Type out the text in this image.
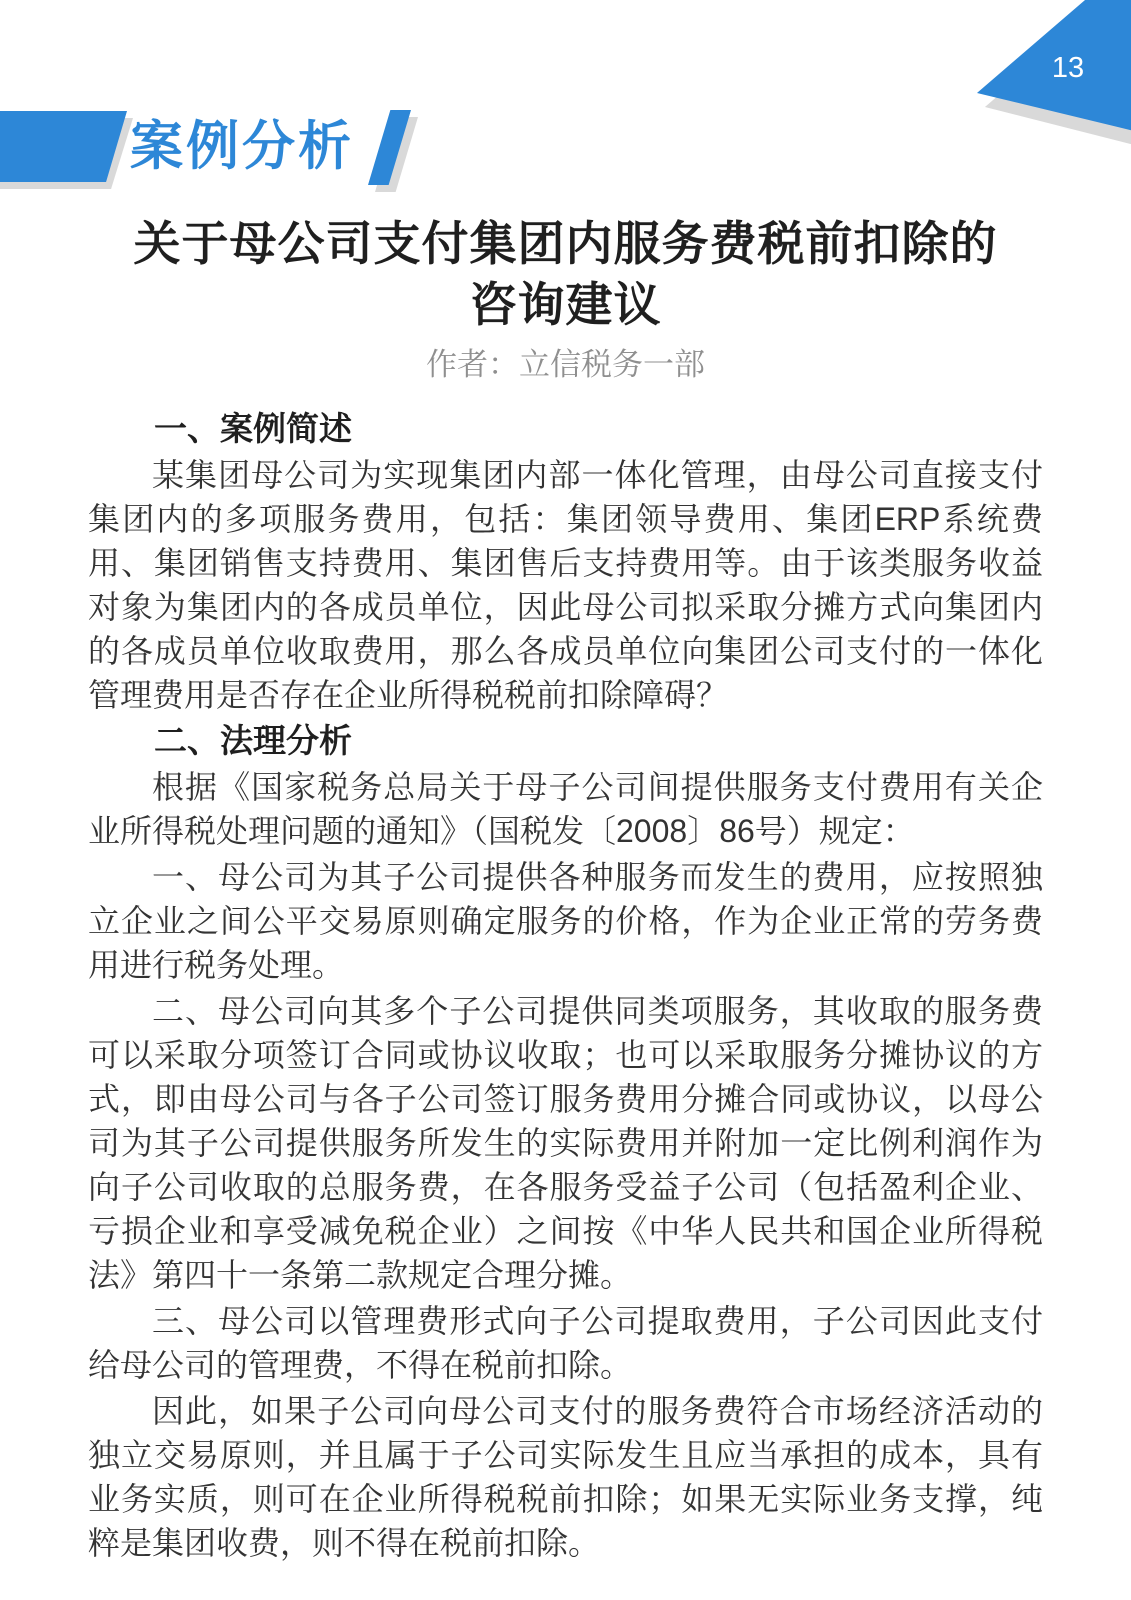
13
案例分析
关于母公司支付集团内服务费税前扣除的
咨询建议
作者：立信税务一部
一、案例简述

某集团母公司为实现集团内部一体化管理，由母公司直接支付集团内的多项服务费用，包括：集团领导费用、集团ERP系统费用、集团销售支持费用、集团售后支持费用等。由于该类服务收益对象为集团内的各成员单位，因此母公司拟采取分摊方式向集团内的各成员单位收取费用，那么各成员单位向集团公司支付的一体化管理费用是否存在企业所得税税前扣除障碍？

二、法理分析

根据《国家税务总局关于母子公司间提供服务支付费用有关企业所得税处理问题的通知》（国税发〔2008〕86号）规定：

一、母公司为其子公司提供各种服务而发生的费用，应按照独立企业之间公平交易原则确定服务的价格，作为企业正常的劳务费用进行税务处理。

二、母公司向其多个子公司提供同类项服务，其收取的服务费可以采取分项签订合同或协议收取；也可以采取服务分摊协议的方式，即由母公司与各子公司签订服务费用分摊合同或协议，以母公司为其子公司提供服务所发生的实际费用并附加一定比例利润作为向子公司收取的总服务费，在各服务受益子公司（包括盈利企业、亏损企业和享受减免税企业）之间按《中华人民共和国企业所得税法》第四十一条第二款规定合理分摊。

三、母公司以管理费形式向子公司提取费用，子公司因此支付给母公司的管理费，不得在税前扣除。

因此，如果子公司向母公司支付的服务费符合市场经济活动的独立交易原则，并且属于子公司实际发生且应当承担的成本，具有业务实质，则可在企业所得税税前扣除；如果无实际业务支撑，纯粹是集团收费，则不得在税前扣除。
